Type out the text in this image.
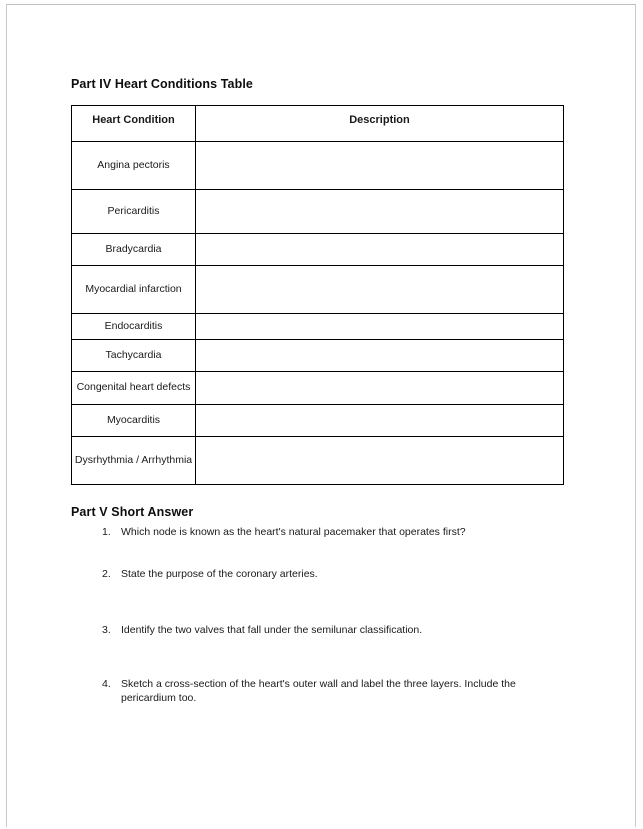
Part IV Heart Conditions Table
Heart Condition	Description
Angina pectoris	
Pericarditis	
Bradycardia	
Myocardial infarction	
Endocarditis	
Tachycardia	
Congenital heart defects	
Myocarditis	
Dysrhythmia / Arrhythmia	
Part V Short Answer
1. Which node is known as the heart's natural pacemaker that operates first?
2. State the purpose of the coronary arteries.
3. Identify the two valves that fall under the semilunar classification.
4. Sketch a cross-section of the heart's outer wall and label the three layers. Include the pericardium too.
